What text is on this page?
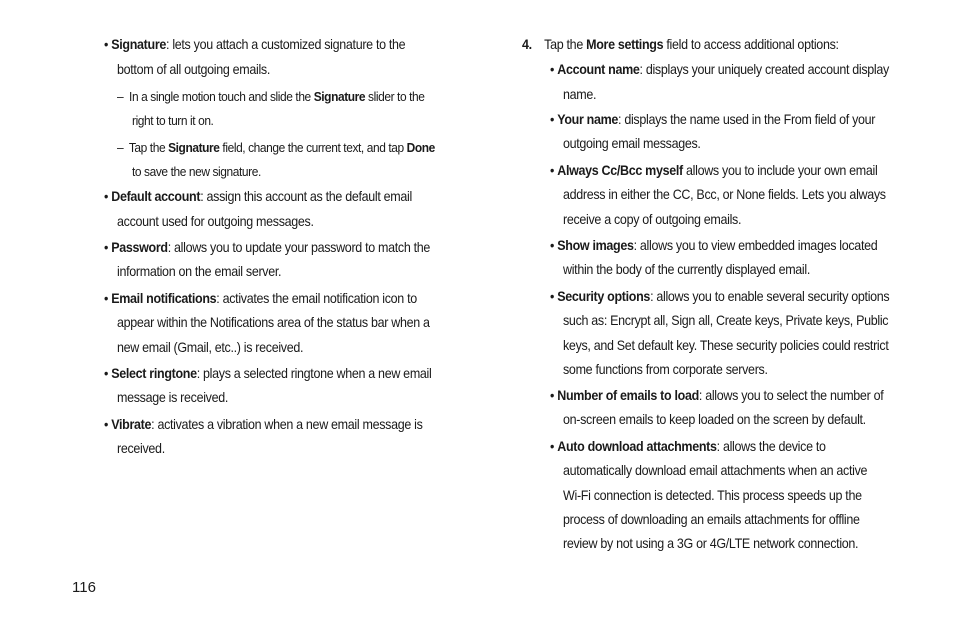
• Signature: lets you attach a customized signature to the
bottom of all outgoing emails.
– In a single motion touch and slide the Signature slider to the
right to turn it on.
– Tap the Signature field, change the current text, and tap Done
to save the new signature.
• Default account: assign this account as the default email
account used for outgoing messages.
• Password: allows you to update your password to match the
information on the email server.
• Email notifications: activates the email notification icon to
appear within the Notifications area of the status bar when a
new email (Gmail, etc..) is received.
• Select ringtone: plays a selected ringtone when a new email
message is received.
• Vibrate: activates a vibration when a new email message is
received.
4. Tap the More settings field to access additional options:
• Account name: displays your uniquely created account display
name.
• Your name: displays the name used in the From field of your
outgoing email messages.
• Always Cc/Bcc myself allows you to include your own email
address in either the CC, Bcc, or None fields. Lets you always
receive a copy of outgoing emails.
• Show images: allows you to view embedded images located
within the body of the currently displayed email.
• Security options: allows you to enable several security options
such as: Encrypt all, Sign all, Create keys, Private keys, Public
keys, and Set default key. These security policies could restrict
some functions from corporate servers.
• Number of emails to load: allows you to select the number of
on-screen emails to keep loaded on the screen by default.
• Auto download attachments: allows the device to
automatically download email attachments when an active
Wi-Fi connection is detected. This process speeds up the
process of downloading an emails attachments for offline
review by not using a 3G or 4G/LTE network connection.
116
